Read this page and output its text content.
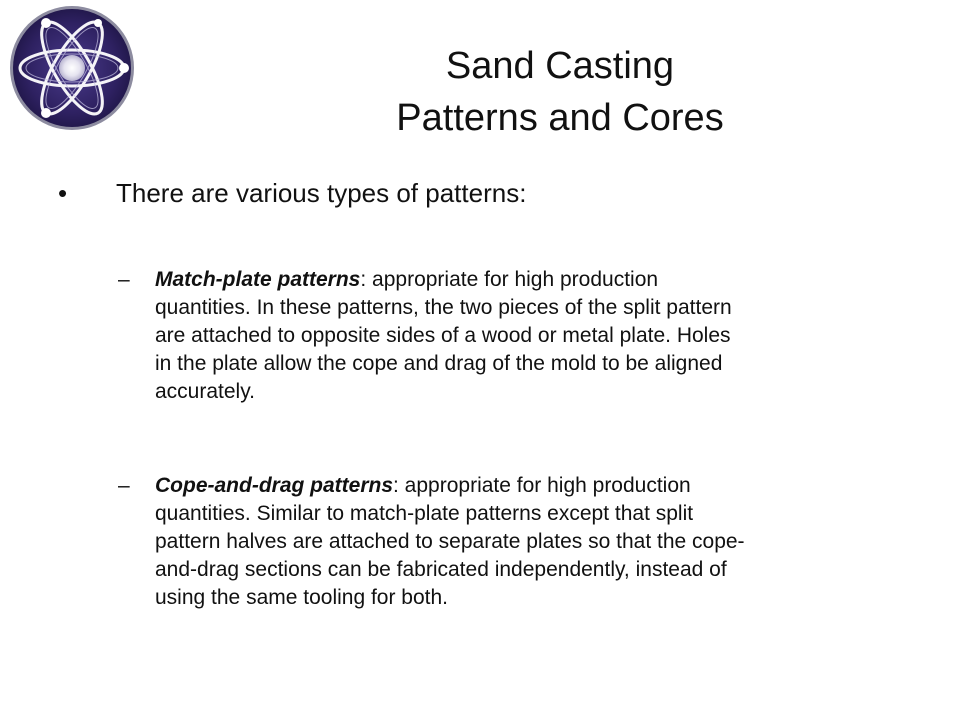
Sand Casting
Patterns and Cores
• There are various types of patterns:
– Match-plate patterns: appropriate for high production
quantities. In these patterns, the two pieces of the split pattern
are attached to opposite sides of a wood or metal plate. Holes
in the plate allow the cope and drag of the mold to be aligned
accurately.
– Cope-and-drag patterns: appropriate for high production
quantities. Similar to match-plate patterns except that split
pattern halves are attached to separate plates so that the cope-
and-drag sections can be fabricated independently, instead of
using the same tooling for both.
